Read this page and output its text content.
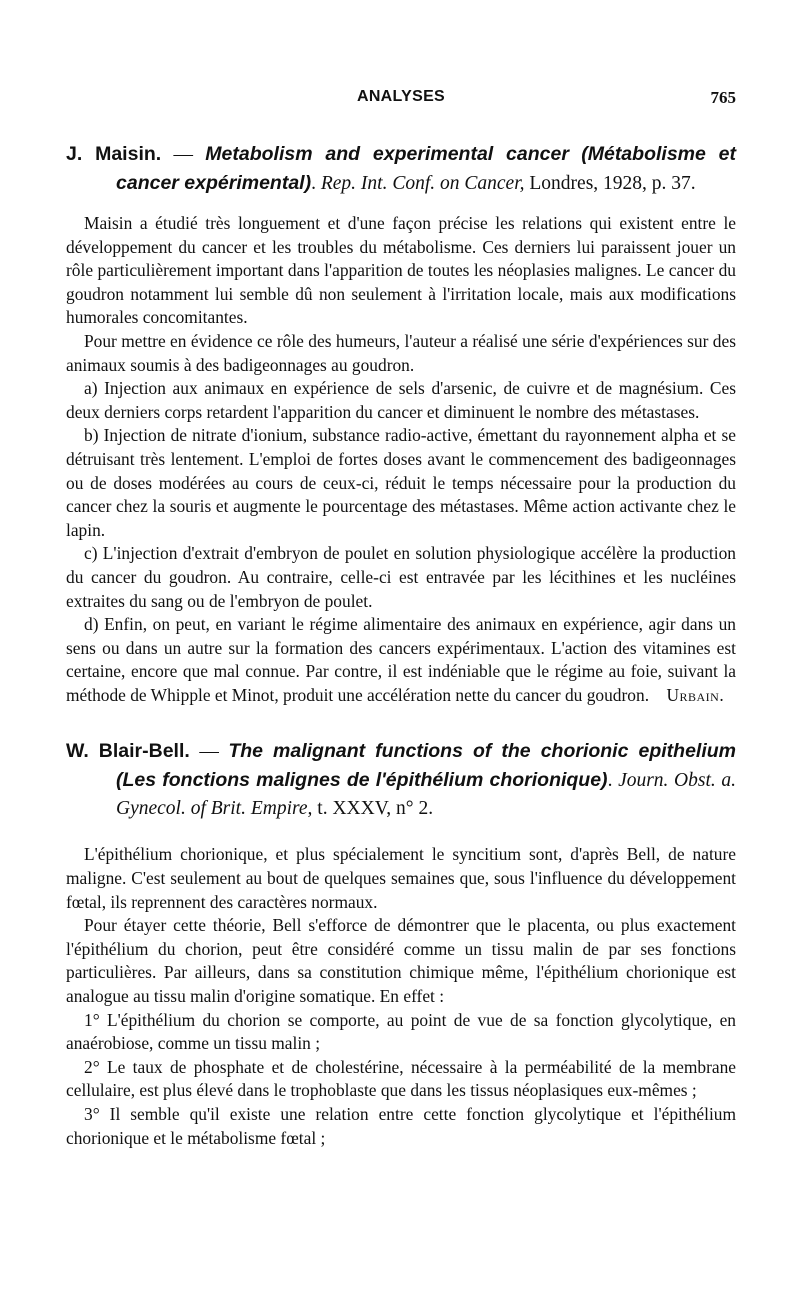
ANALYSES	765
J. Maisin. — Metabolism and experimental cancer (Métabolisme et cancer expérimental). Rep. Int. Conf. on Cancer, Londres, 1928, p. 37.

Maisin a étudié très longuement et d'une façon précise les relations qui existent entre le développement du cancer et les troubles du métabolisme. Ces derniers lui paraissent jouer un rôle particulièrement important dans l'apparition de toutes les néoplasies malignes. Le cancer du goudron notamment lui semble dû non seulement à l'irritation locale, mais aux modifications humorales concomitantes.

Pour mettre en évidence ce rôle des humeurs, l'auteur a réalisé une série d'expériences sur des animaux soumis à des badigeonnages au goudron.

a) Injection aux animaux en expérience de sels d'arsenic, de cuivre et de magnésium. Ces deux derniers corps retardent l'apparition du cancer et diminuent le nombre des métastases.

b) Injection de nitrate d'ionium, substance radio-active, émettant du rayonnement alpha et se détruisant très lentement. L'emploi de fortes doses avant le commencement des badigeonnages ou de doses modérées au cours de ceux-ci, réduit le temps nécessaire pour la production du cancer chez la souris et augmente le pourcentage des métastases. Même action activante chez le lapin.

c) L'injection d'extrait d'embryon de poulet en solution physiologique accélère la production du cancer du goudron. Au contraire, celle-ci est entravée par les lécithines et les nucléines extraites du sang ou de l'embryon de poulet.

d) Enfin, on peut, en variant le régime alimentaire des animaux en expérience, agir dans un sens ou dans un autre sur la formation des cancers expérimentaux. L'action des vitamines est certaine, encore que mal connue. Par contre, il est indéniable que le régime au foie, suivant la méthode de Whipple et Minot, produit une accélération nette du cancer du goudron. Urbain.

W. Blair-Bell. — The malignant functions of the chorionic epithelium (Les fonctions malignes de l'épithélium chorionique). Journ. Obst. a. Gynecol. of Brit. Empire, t. XXXV, n° 2.

L'épithélium chorionique, et plus spécialement le syncitium sont, d'après Bell, de nature maligne. C'est seulement au bout de quelques semaines que, sous l'influence du développement fœtal, ils reprennent des caractères normaux.

Pour étayer cette théorie, Bell s'efforce de démontrer que le placenta, ou plus exactement l'épithélium du chorion, peut être considéré comme un tissu malin de par ses fonctions particulières. Par ailleurs, dans sa constitution chimique même, l'épithélium chorionique est analogue au tissu malin d'origine somatique. En effet :

1° L'épithélium du chorion se comporte, au point de vue de sa fonction glycolytique, en anaérobiose, comme un tissu malin ;

2° Le taux de phosphate et de cholestérine, nécessaire à la perméabilité de la membrane cellulaire, est plus élevé dans le trophoblaste que dans les tissus néoplasiques eux-mêmes ;

3° Il semble qu'il existe une relation entre cette fonction glycolytique et l'épithélium chorionique et le métabolisme fœtal ;
